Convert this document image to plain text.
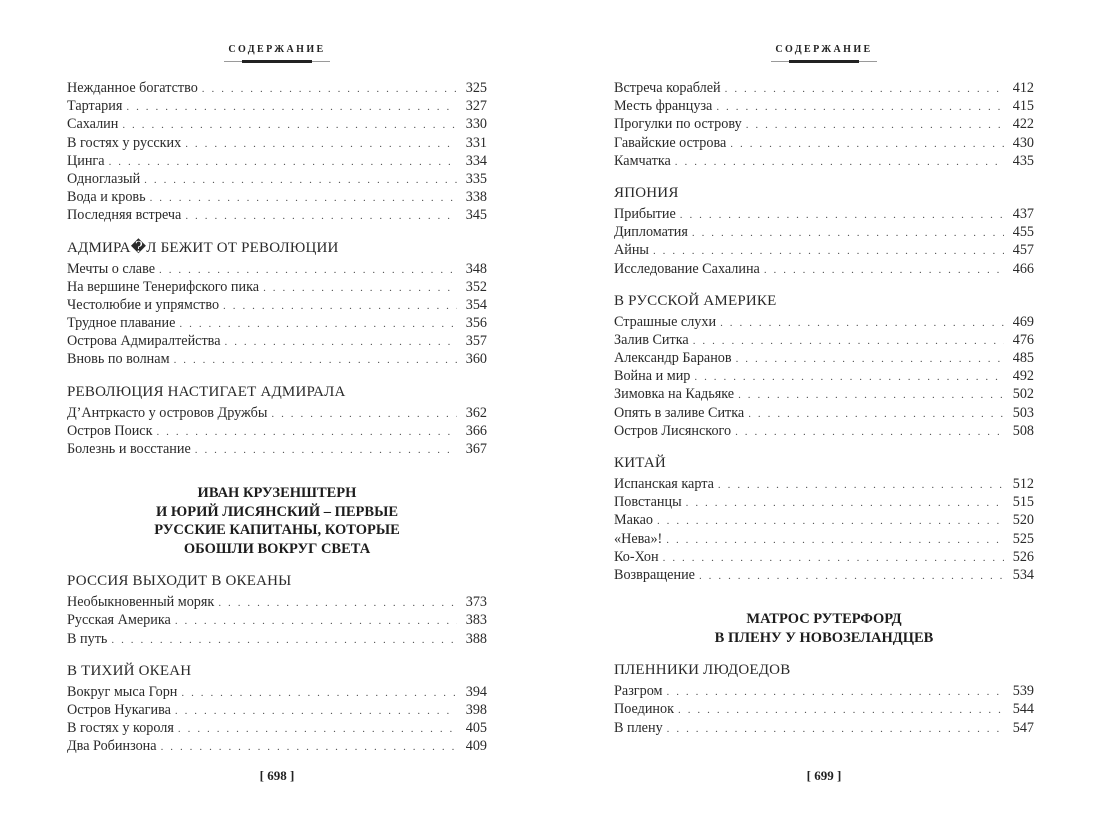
СОДЕРЖАНИЕ
Нежданное богатство . . .	325
Тартария . . .	327
Сахалин . . .	330
В гостях у русских . . .	331
Цинга . . .	334
Одноглазый . . .	335
Вода и кровь . . .	338
Последняя встреча . . .	345
АДМИРА�Л БЕЖИТ ОТ РЕВОЛЮЦИИ
Мечты о славе . . .	348
На вершине Тенерифского пика . . .	352
Честолюбие и упрямство . . .	354
Трудное плавание . . .	356
Острова Адмиралтейства . . .	357
Вновь по волнам . . .	360
РЕВОЛЮЦИЯ НАСТИГАЕТ АДМИРАЛА
Д’Антркасто у островов Дружбы . . .	362
Остров Поиск . . .	366
Болезнь и восстание . . .	367
ИВАН КРУЗЕНШТЕРН
И ЮРИЙ ЛИСЯНСКИЙ – ПЕРВЫЕ
РУССКИЕ КАПИТАНЫ, КОТОРЫЕ
ОБОШЛИ ВОКРУГ СВЕТА
РОССИЯ ВЫХОДИТ В ОКЕАНЫ
Необыкновенный моряк . . .	373
Русская Америка . . .	383
В путь . . .	388
В ТИХИЙ ОКЕАН
Вокруг мыса Горн . . .	394
Остров Нукагива . . .	398
В гостях у короля . . .	405
Два Робинзона . . .	409
[ 698 ]
СОДЕРЖАНИЕ
Встреча кораблей . . .	412
Месть француза . . .	415
Прогулки по острову . . .	422
Гавайские острова . . .	430
Камчатка . . .	435
ЯПОНИЯ
Прибытие . . .	437
Дипломатия . . .	455
Айны . . .	457
Исследование Сахалина . . .	466
В РУССКОЙ АМЕРИКЕ
Страшные слухи . . .	469
Залив Ситка . . .	476
Александр Баранов . . .	485
Война и мир . . .	492
Зимовка на Кадьяке . . .	502
Опять в заливе Ситка . . .	503
Остров Лисянского . . .	508
КИТАЙ
Испанская карта . . .	512
Повстанцы . . .	515
Макао . . .	520
«Нева»! . . .	525
Ко-Хон . . .	526
Возвращение . . .	534
МАТРОС РУТЕРФОРД
В ПЛЕНУ У НОВОЗЕЛАНДЦЕВ
ПЛЕННИКИ ЛЮДОЕДОВ
Разгром . . .	539
Поединок . . .	544
В плену . . .	547
[ 699 ]
